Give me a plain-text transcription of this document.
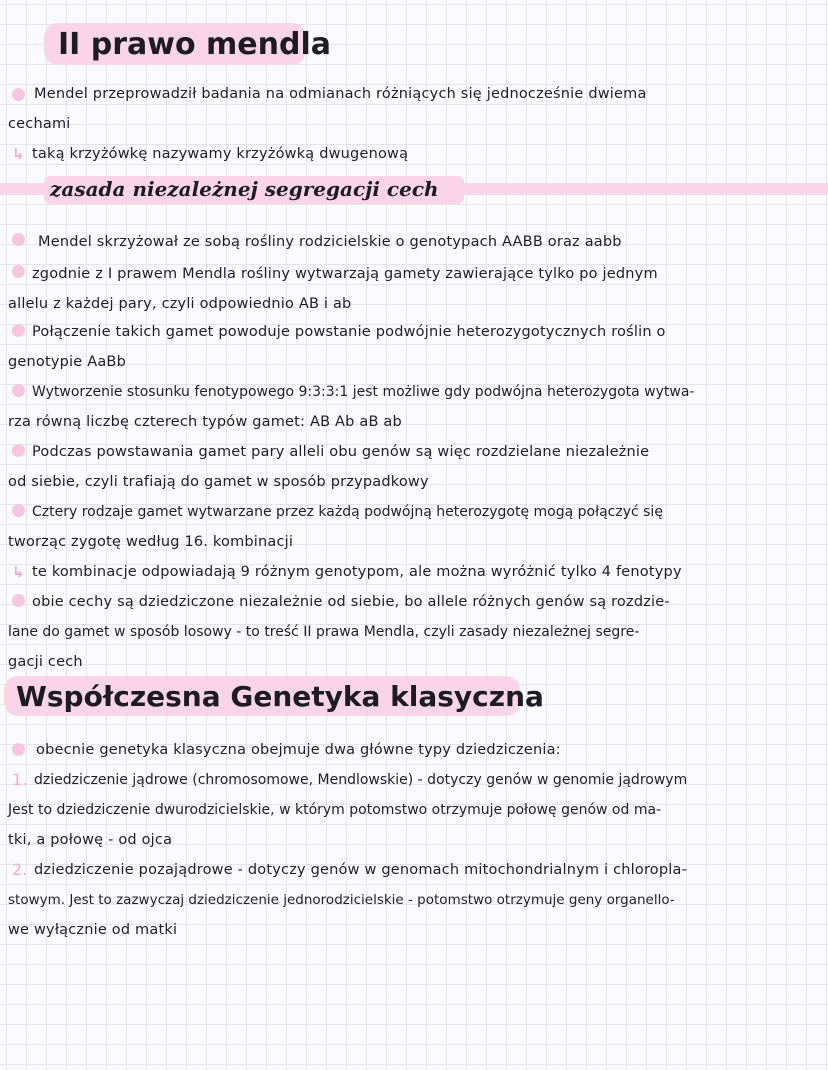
II prawo mendla

Mendel przeprowadził badania na odmianach różniących się jednocześnie dwiema

cechami

↳ taką krzyżówkę nazywamy krzyżówką dwugenową

zasada niezależnej segregacji cech

Mendel skrzyżował ze sobą rośliny rodzicielskie o genotypach AABB oraz aabb

zgodnie z I prawem Mendla rośliny wytwarzają gamety zawierające tylko po jednym

allelu z każdej pary, czyli odpowiednio AB i ab

Połączenie takich gamet powoduje powstanie podwójnie heterozygotycznych roślin o

genotypie AaBb

Wytworzenie stosunku fenotypowego 9:3:3:1 jest możliwe gdy podwójna heterozygota wytwa-

rza równą liczbę czterech typów gamet: AB Ab aB ab

Podczas powstawania gamet pary alleli obu genów są więc rozdzielane niezależnie

od siebie, czyli trafiają do gamet w sposób przypadkowy

Cztery rodzaje gamet wytwarzane przez każdą podwójną heterozygotę mogą połączyć się

tworząc zygotę według 16. kombinacji

↳ te kombinacje odpowiadają 9 różnym genotypom, ale można wyróżnić tylko 4 fenotypy

obie cechy są dziedziczone niezależnie od siebie, bo allele różnych genów są rozdzie-

lane do gamet w sposób losowy - to treść II prawa Mendla, czyli zasady niezależnej segre-

gacji cech

Współczesna Genetyka klasyczna

obecnie genetyka klasyczna obejmuje dwa główne typy dziedziczenia:

1. dziedziczenie jądrowe (chromosomowe, Mendlowskie) - dotyczy genów w genomie jądrowym

Jest to dziedziczenie dwurodzicielskie, w którym potomstwo otrzymuje połowę genów od ma-

tki, a połowę - od ojca

2. dziedziczenie pozajądrowe - dotyczy genów w genomach mitochondrialnym i chloropla-

stowym. Jest to zazwyczaj dziedziczenie jednorodzicielskie - potomstwo otrzymuje geny organello-

we wyłącznie od matki
